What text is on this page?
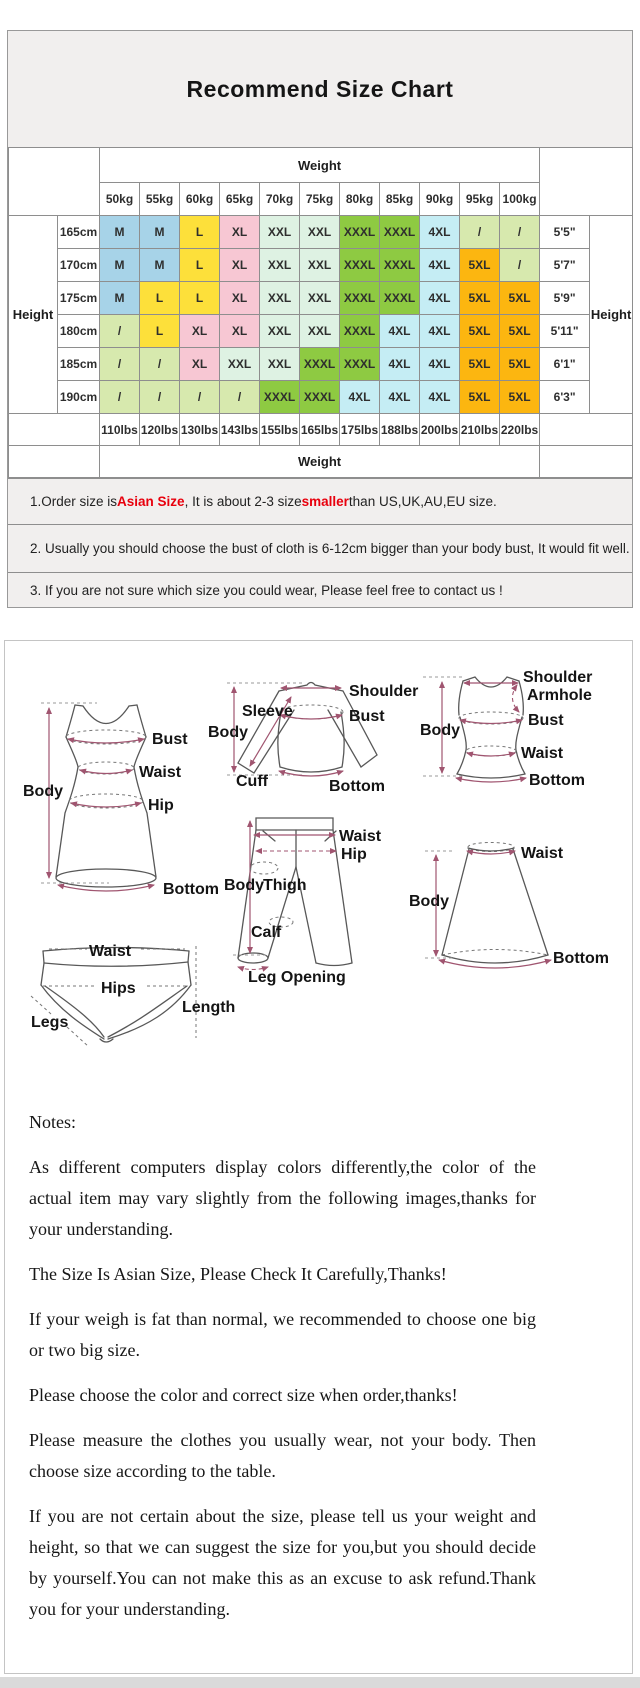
Recommend Size Chart
		Weight												
		50kg	55kg	60kg	65kg	70kg	75kg	80kg	85kg	90kg	95kg	100kg		
Height	165cm	M	M	L	XL	XXL	XXL	XXXL	XXXL	4XL	/	/	5'5"	Height
	170cm	M	M	L	XL	XXL	XXL	XXXL	XXXL	4XL	5XL	/	5'7"	
	175cm	M	L	L	XL	XXL	XXL	XXXL	XXXL	4XL	5XL	5XL	5'9"	
	180cm	/	L	XL	XL	XXL	XXL	XXXL	4XL	4XL	5XL	5XL	5'11"	
	185cm	/	/	XL	XXL	XXL	XXXL	XXXL	4XL	4XL	5XL	5XL	6'1"	
	190cm	/	/	/	/	XXXL	XXXL	4XL	4XL	4XL	5XL	5XL	6'3"	
		110lbs	120lbs	130lbs	143lbs	155lbs	165lbs	175lbs	188lbs	200lbs	210lbs	220lbs		
		Weight												
1.Order size is Asian Size , It is about 2-3 size smaller than US,UK,AU,EU size.
2. Usually you should choose the bust of cloth is 6-12cm bigger than your body bust, It would fit well.
3. If you are not sure which size you could wear, Please feel free to contact us !
Body
Bust
Waist
Hip
Bottom
Shoulder
Sleeve
Body
Bust
Cuff	Bottom
Shoulder
Armhole
Bust
Body
Waist
Bottom
Waist
Hip
Body Thigh
Calf
Leg Opening
Waist
Body
Bottom
Waist
Hips
Legs
Length

Notes:

As different computers display colors differently,the color of the actual item may vary slightly from the following images,thanks for your understanding.

The Size Is Asian Size, Please Check It Carefully,Thanks!

If your weigh is fat than normal, we recommended to choose one big or two big size.

Please choose the color and correct size when order,thanks!

Please measure the clothes you usually wear, not your body. Then choose size according to the table.

If you are not certain about the size, please tell us your weight and height, so that we can suggest the size for you,but you should decide by yourself.You can not make this as an excuse to ask refund.Thank you for your understanding.
